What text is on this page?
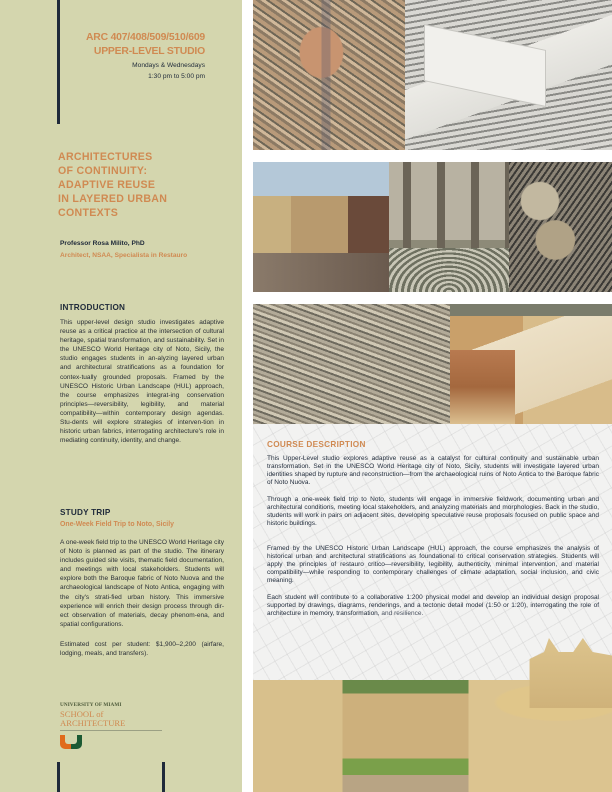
ARC 407/408/509/510/609
UPPER-LEVEL STUDIO
Mondays & Wednesdays
1:30 pm to 5:00 pm
ARCHITECTURES
OF CONTINUITY:
ADAPTIVE REUSE
IN LAYERED URBAN
CONTEXTS
Professor Rosa Milito, PhD
Architect, NSAA, Specialista in Restauro
INTRODUCTION
This upper-level design studio investigates adaptive reuse as a critical practice at the intersection of cultural heritage, spatial transformation, and sustainability. Set in the UNESCO World Heritage city of Noto, Sicily, the studio engages students in an-alyzing layered urban and architectural stratifications as a foundation for contex-tually grounded proposals. Framed by the UNESCO Historic Urban Landscape (HUL) approach, the course emphasizes integrat-ing conservation principles—reversibility, legibility, and material compatibility—within contemporary design agendas. Stu-dents will explore strategies of interven-tion in historic urban fabrics, interrogating architecture's role in mediating continuity, identity, and change.
STUDY TRIP
One-Week Field Trip to Noto, Sicily
A one-week field trip to the UNESCO World Heritage city of Noto is planned as part of the studio. The itinerary includes guided site visits, thematic field documentation, and meetings with local stakeholders. Students will explore both the Baroque fabric of Noto Nuova and the archaeological landscape of Noto Antica, engaging with the city's strati-fied urban history. This immersive experience will enrich their design process through dir-ect observation of materials, decay phenom-ena, and spatial configurations.
Estimated cost per student: $1,900–2,200 (airfare, lodging, meals, and transfers).
UNIVERSITY OF MIAMI
SCHOOL of
ARCHITECTURE
COURSE DESCRIPTION
This Upper-Level studio explores adaptive reuse as a catalyst for cultural continuity and sustainable urban transformation. Set in the UNESCO World Heritage city of Noto, Sicily, students will investigate layered urban identities shaped by rupture and reconstruction—from the archaeological ruins of Noto Antica to the Baroque fabric of Noto Nuova.
Through a one-week field trip to Noto, students will engage in immersive fieldwork, documenting urban and architectural conditions, meeting local stakeholders, and analyzing materials and morphologies. Back in the studio, students will work in pairs on adjacent sites, developing speculative reuse proposals focused on public space and historic buildings.
Framed by the UNESCO Historic Urban Landscape (HUL) approach, the course emphasizes the analysis of historical urban and architectural stratifications as foundational to critical conservation strategies. Students will apply the principles of restauro critico—reversibility, legibility, authenticity, minimal intervention, and material compatibility—while responding to contemporary challenges of climate adaptation, social inclusion, and civic meaning.
Each student will contribute to a collaborative 1:200 physical model and develop an individual design proposal supported by drawings, diagrams, renderings, and a tectonic detail model (1:50 or 1:20), interrogating the role of architecture in memory, transformation, and resilience.
